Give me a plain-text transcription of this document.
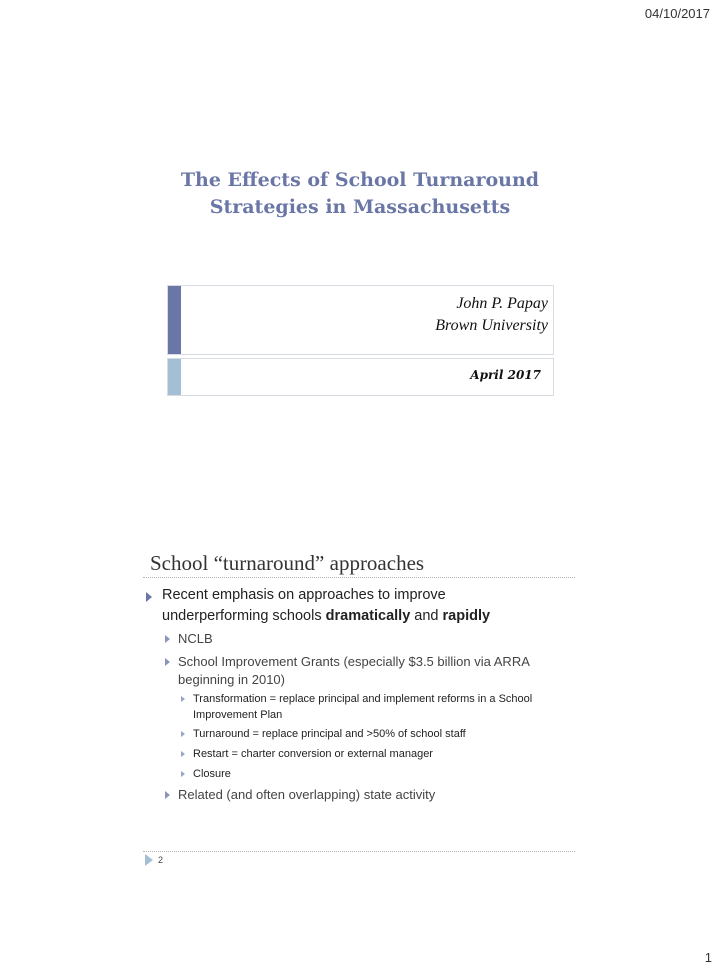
04/10/2017
The Effects of School Turnaround
Strategies in Massachusetts
John P. Papay
Brown University
April 2017
School “turnaround” approaches
Recent emphasis on approaches to improve
underperforming schools dramatically and rapidly
NCLB
School Improvement Grants (especially $3.5 billion via ARRA
beginning in 2010)
Transformation = replace principal and implement reforms in a School
Improvement Plan
Turnaround = replace principal and >50% of school staff
Restart = charter conversion or external manager
Closure
Related (and often overlapping) state activity
2
1
